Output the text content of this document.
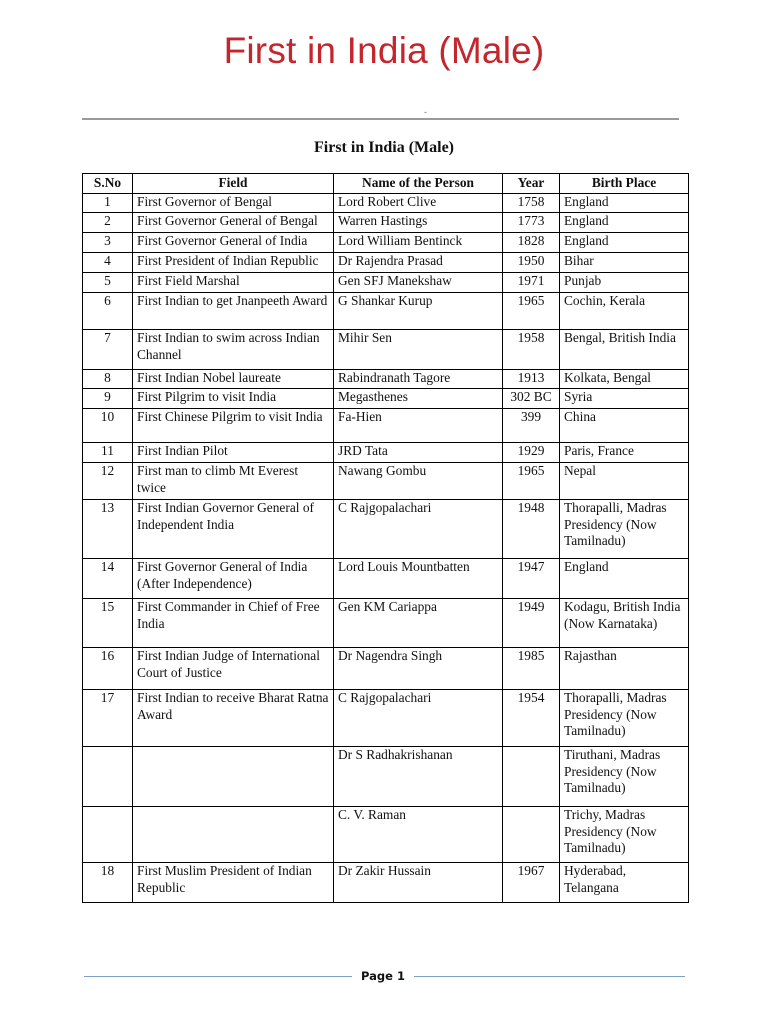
First in India (Male)
-
First in India (Male)
S.No	Field	Name of the Person	Year	Birth Place
1	First Governor of Bengal	Lord Robert Clive	1758	England
2	First Governor General of Bengal	Warren Hastings	1773	England
3	First Governor General of India	Lord William Bentinck	1828	England
4	First President of Indian Republic	Dr Rajendra Prasad	1950	Bihar
5	First Field Marshal	Gen SFJ Manekshaw	1971	Punjab
6	First Indian to get Jnanpeeth Award	G Shankar Kurup	1965	Cochin, Kerala
7	First Indian to swim across Indian Channel	Mihir Sen	1958	Bengal, British India
8	First Indian Nobel laureate	Rabindranath Tagore	1913	Kolkata, Bengal
9	First Pilgrim to visit India	Megasthenes	302 BC	Syria
10	First Chinese Pilgrim to visit India	Fa-Hien	399	China
11	First Indian Pilot	JRD Tata	1929	Paris, France
12	First man to climb Mt Everest twice	Nawang Gombu	1965	Nepal
13	First Indian Governor General of Independent India	C Rajgopalachari	1948	Thorapalli, Madras Presidency (Now Tamilnadu)
14	First Governor General of India (After Independence)	Lord Louis Mountbatten	1947	England
15	First Commander in Chief of Free India	Gen KM Cariappa	1949	Kodagu, British India (Now Karnataka)
16	First Indian Judge of International Court of Justice	Dr Nagendra Singh	1985	Rajasthan
17	First Indian to receive Bharat Ratna Award	C Rajgopalachari	1954	Thorapalli, Madras Presidency (Now Tamilnadu)
		Dr S Radhakrishanan		Tiruthani, Madras Presidency (Now Tamilnadu)
		C. V. Raman		Trichy, Madras Presidency (Now Tamilnadu)
18	First Muslim President of Indian Republic	Dr Zakir Hussain	1967	Hyderabad, Telangana
Page 1
